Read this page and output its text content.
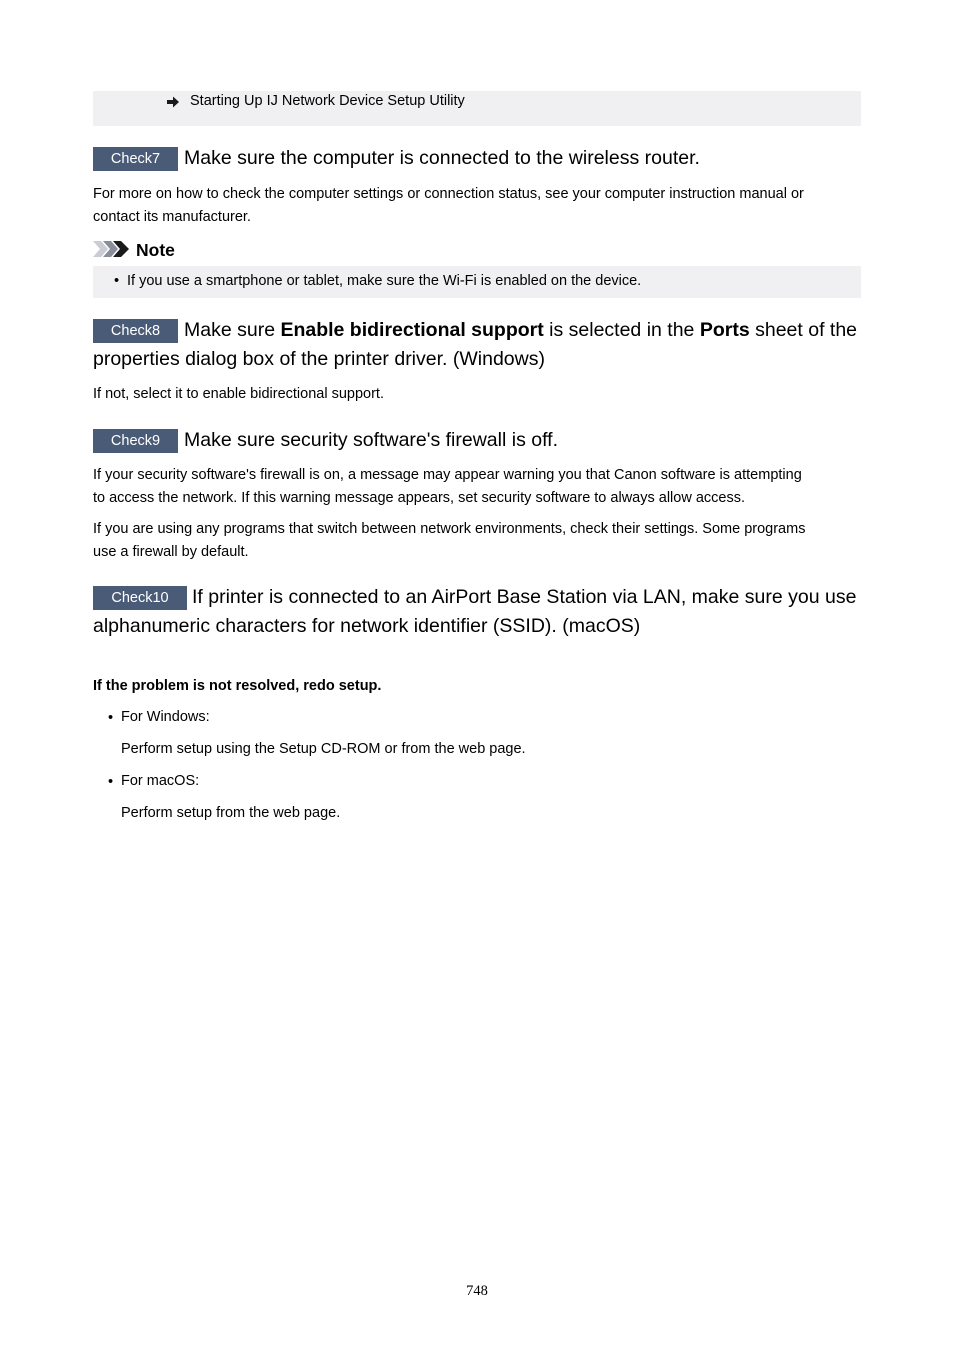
Starting Up IJ Network Device Setup Utility
Check7	Make sure the computer is connected to the wireless router.
For more on how to check the computer settings or connection status, see your computer instruction manual or
contact its manufacturer.
Note
• If you use a smartphone or tablet, make sure the Wi-Fi is enabled on the device.
Check8	Make sure Enable bidirectional support is selected in the Ports sheet of the
properties dialog box of the printer driver. (Windows)
If not, select it to enable bidirectional support.
Check9	Make sure security software's firewall is off.
If your security software's firewall is on, a message may appear warning you that Canon software is attempting
to access the network. If this warning message appears, set security software to always allow access.
If you are using any programs that switch between network environments, check their settings. Some programs
use a firewall by default.
Check10	If printer is connected to an AirPort Base Station via LAN, make sure you use
alphanumeric characters for network identifier (SSID). (macOS)
If the problem is not resolved, redo setup.
• For Windows:
Perform setup using the Setup CD-ROM or from the web page.
• For macOS:
Perform setup from the web page.
748
